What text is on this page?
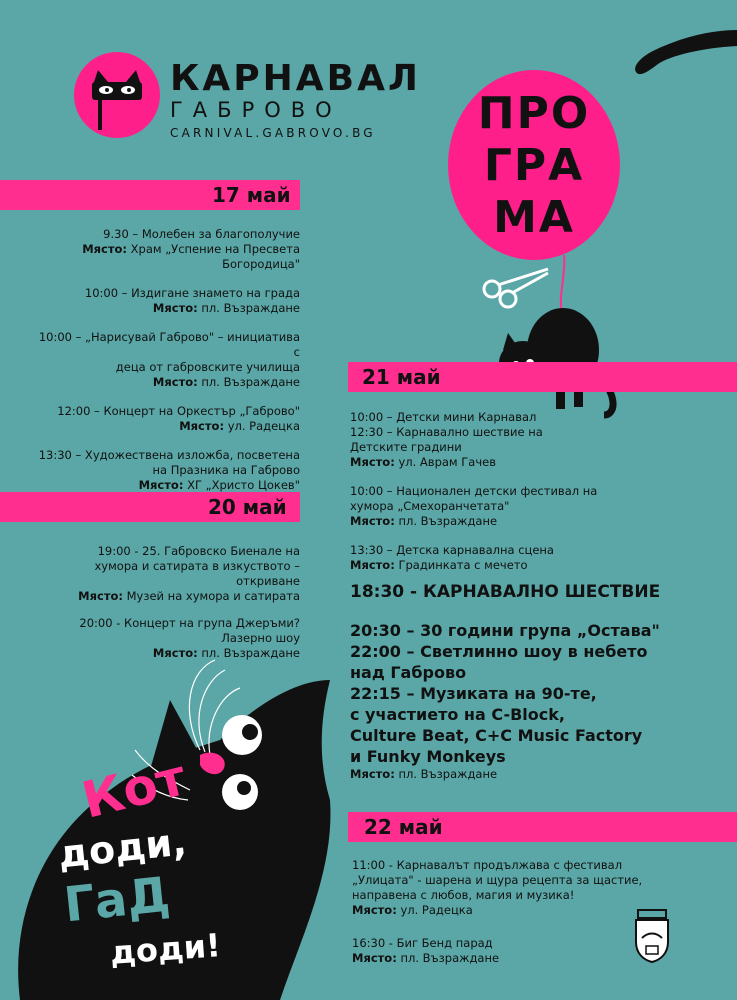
КАРНАВАЛ
ГАБРОВО
CARNIVAL.GABROVO.BG	ПРО
ГРА
МА
17 май
9.30 – Молебен за благополучие
Място: Храм „Успение на Пресвета
Богородица"
10:00 – Издигане знамето на града
Място: пл. Възраждане
10:00 – „Нарисувай Габрово" – инициатива с
деца от габровските училища
Място: пл. Възраждане
12:00 – Концерт на Оркестър „Габрово"
Място: ул. Радецка
13:30 – Художествена изложба, посветена
на Празника на Габрово
Място: ХГ „Христо Цокев"
20 май
19:00 - 25. Габровско Биенале на
хумора и сатирата в изкуството –
откриване
Място: Музей на хумора и сатирата
20:00 - Концерт на група Джеръми?
Лазерно шоу
Място: пл. Възраждане
Кот
доди,
ГаД
доди!
21 май
10:00 – Детски мини Карнавал
12:30 – Карнавално шествие на
Детските градини
Място: ул. Аврам Гачев
10:00 – Национален детски фестивал на
хумора „Смехоранчетата"
Място: пл. Възраждане
13:30 – Детска карнавална сцена
Място: Градинката с мечето
18:30 - КАРНАВАЛНО ШЕСТВИЕ
20:30 – 30 години група „Остава"
22:00 – Светлинно шоу в небето
над Габрово
22:15 – Музиката на 90-те,
с участието на C-Block,
Culture Beat, C+C Music Factory
и Funky Monkeys
Място: пл. Възраждане
22 май
11:00 - Карнавалът продължава с фестивал
„Улицата" - шарена и щура рецепта за щастие,
направена с любов, магия и музика!
Място: ул. Радецка
16:30 - Биг Бенд парад
Място: пл. Възраждане
